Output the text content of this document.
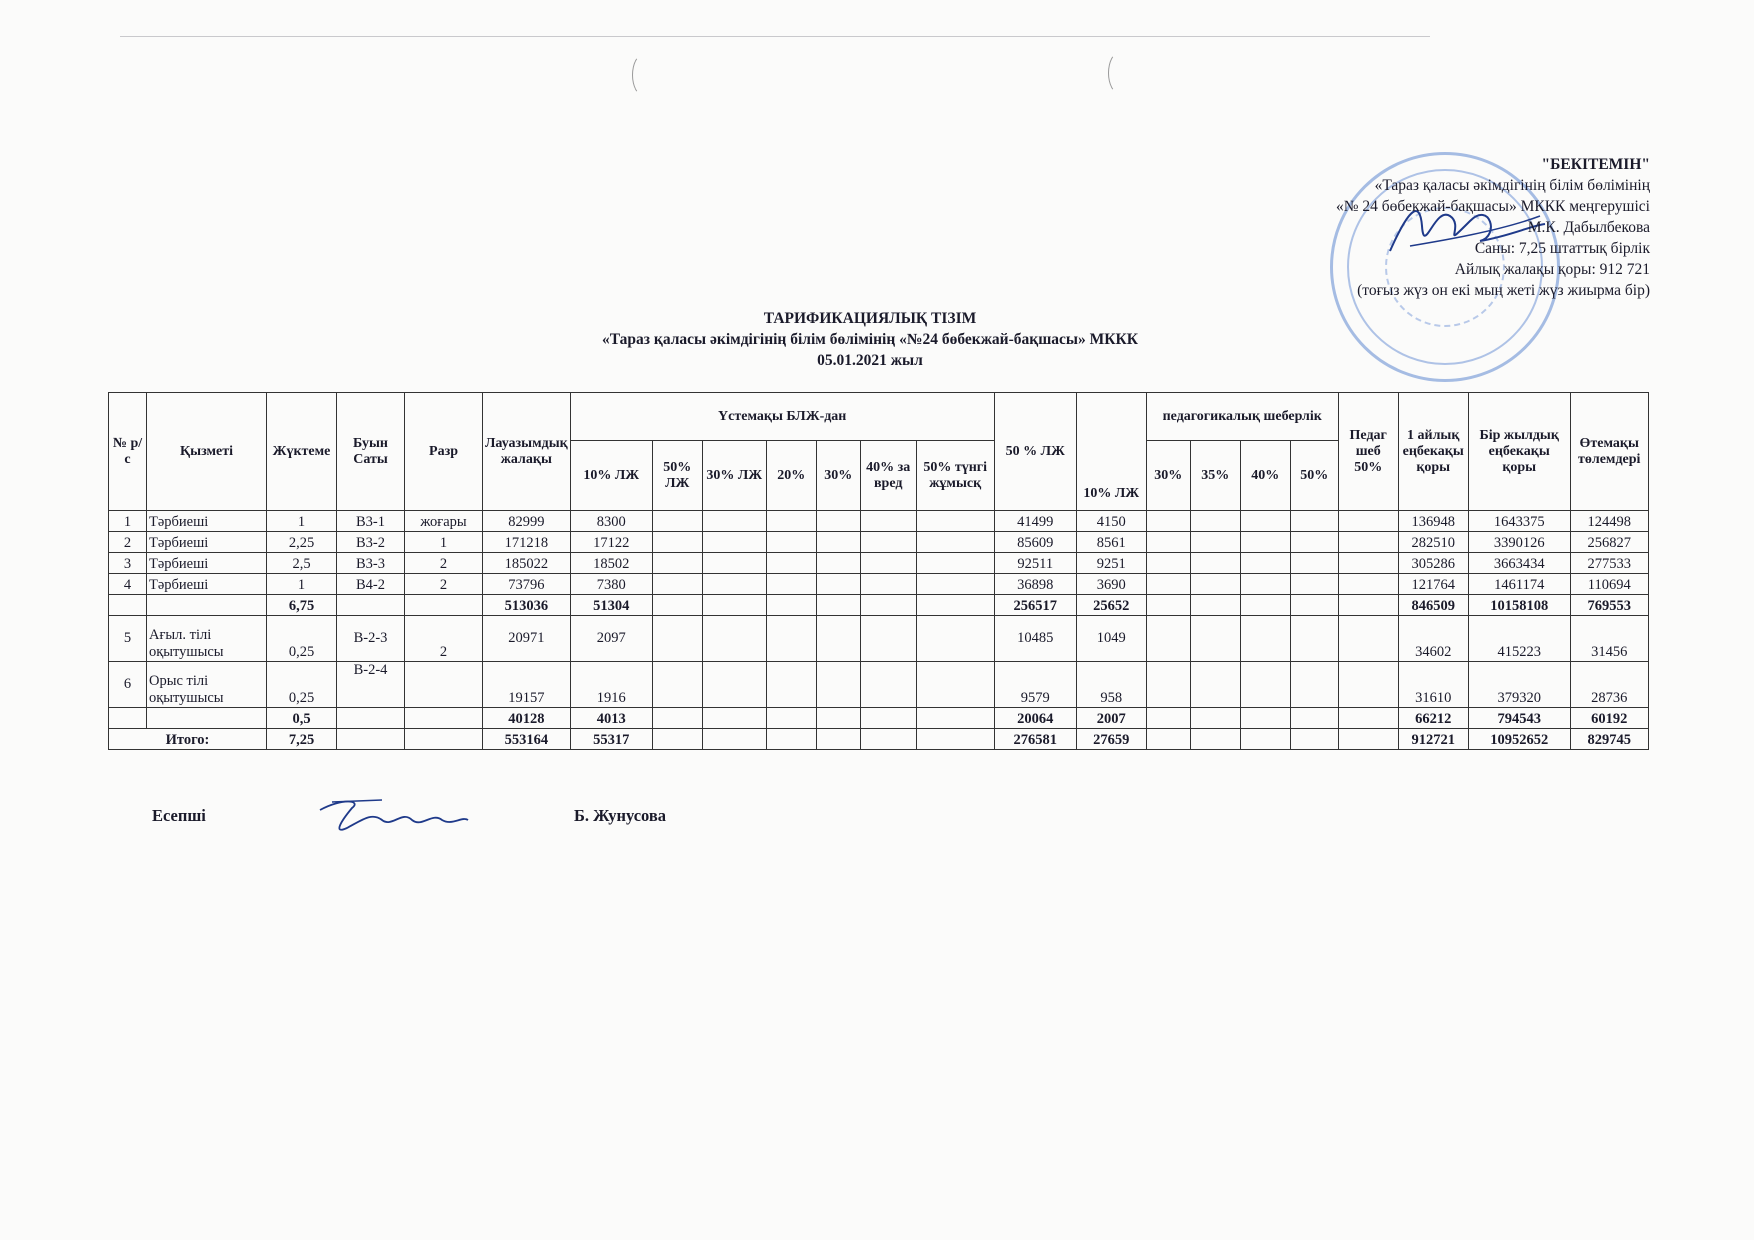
"БЕКІТЕМІН"
«Тараз қаласы әкімдігінің білім бөлімінің
«№ 24 бөбекжай-бақшасы» МККК меңгерушісі
М.К. Дабылбекова
Саны: 7,25 штаттық бірлік
Айлық жалақы қоры: 912 721
(тоғыз жүз он екі мың жеті жүз жиырма бір)
ТАРИФИКАЦИЯЛЫҚ ТІЗІМ
«Тараз қаласы әкімдігінің білім бөлімінің «№24 бөбекжай-бақшасы» МККК
05.01.2021 жыл
№ р/с	Қызметі	Жүктеме	Буын Саты	Разр	Лауазымдық жалақы	Үстемақы БЛЖ-дан							50 % ЛЖ	10% ЛЖ	педагогикалық шеберлік				Педаг шеб 50%	1 айлық еңбекақы қоры	Бір жылдық еңбекақы қоры	Өтемақы төлемдері
						10% ЛЖ	50% ЛЖ	30% ЛЖ	20%	30%	40% за вред	50% түнгі жұмысқ			30%	35%	40%	50%				
1	Тәрбиеші	1	В3-1	жоғары	82999	8300							41499	4150						136948	1643375	124498
2	Тәрбиеші	2,25	В3-2	1	171218	17122							85609	8561						282510	3390126	256827
3	Тәрбиеші	2,5	В3-3	2	185022	18502							92511	9251						305286	3663434	277533
4	Тәрбиеші	1	В4-2	2	73796	7380							36898	3690						121764	1461174	110694
		6,75			513036	51304							256517	25652						846509	10158108	769553
5	Ағыл. тілі оқытушысы	0,25	В-2-3	2	20971	2097							10485	1049						34602	415223	31456
6	Орыс тілі оқытушысы	0,25	В-2-4		19157	1916							9579	958						31610	379320	28736
		0,5			40128	4013							20064	2007						66212	794543	60192
Итого:		7,25			553164	55317							276581	27659						912721	10952652	829745
Есепші	Б. Жунусова
